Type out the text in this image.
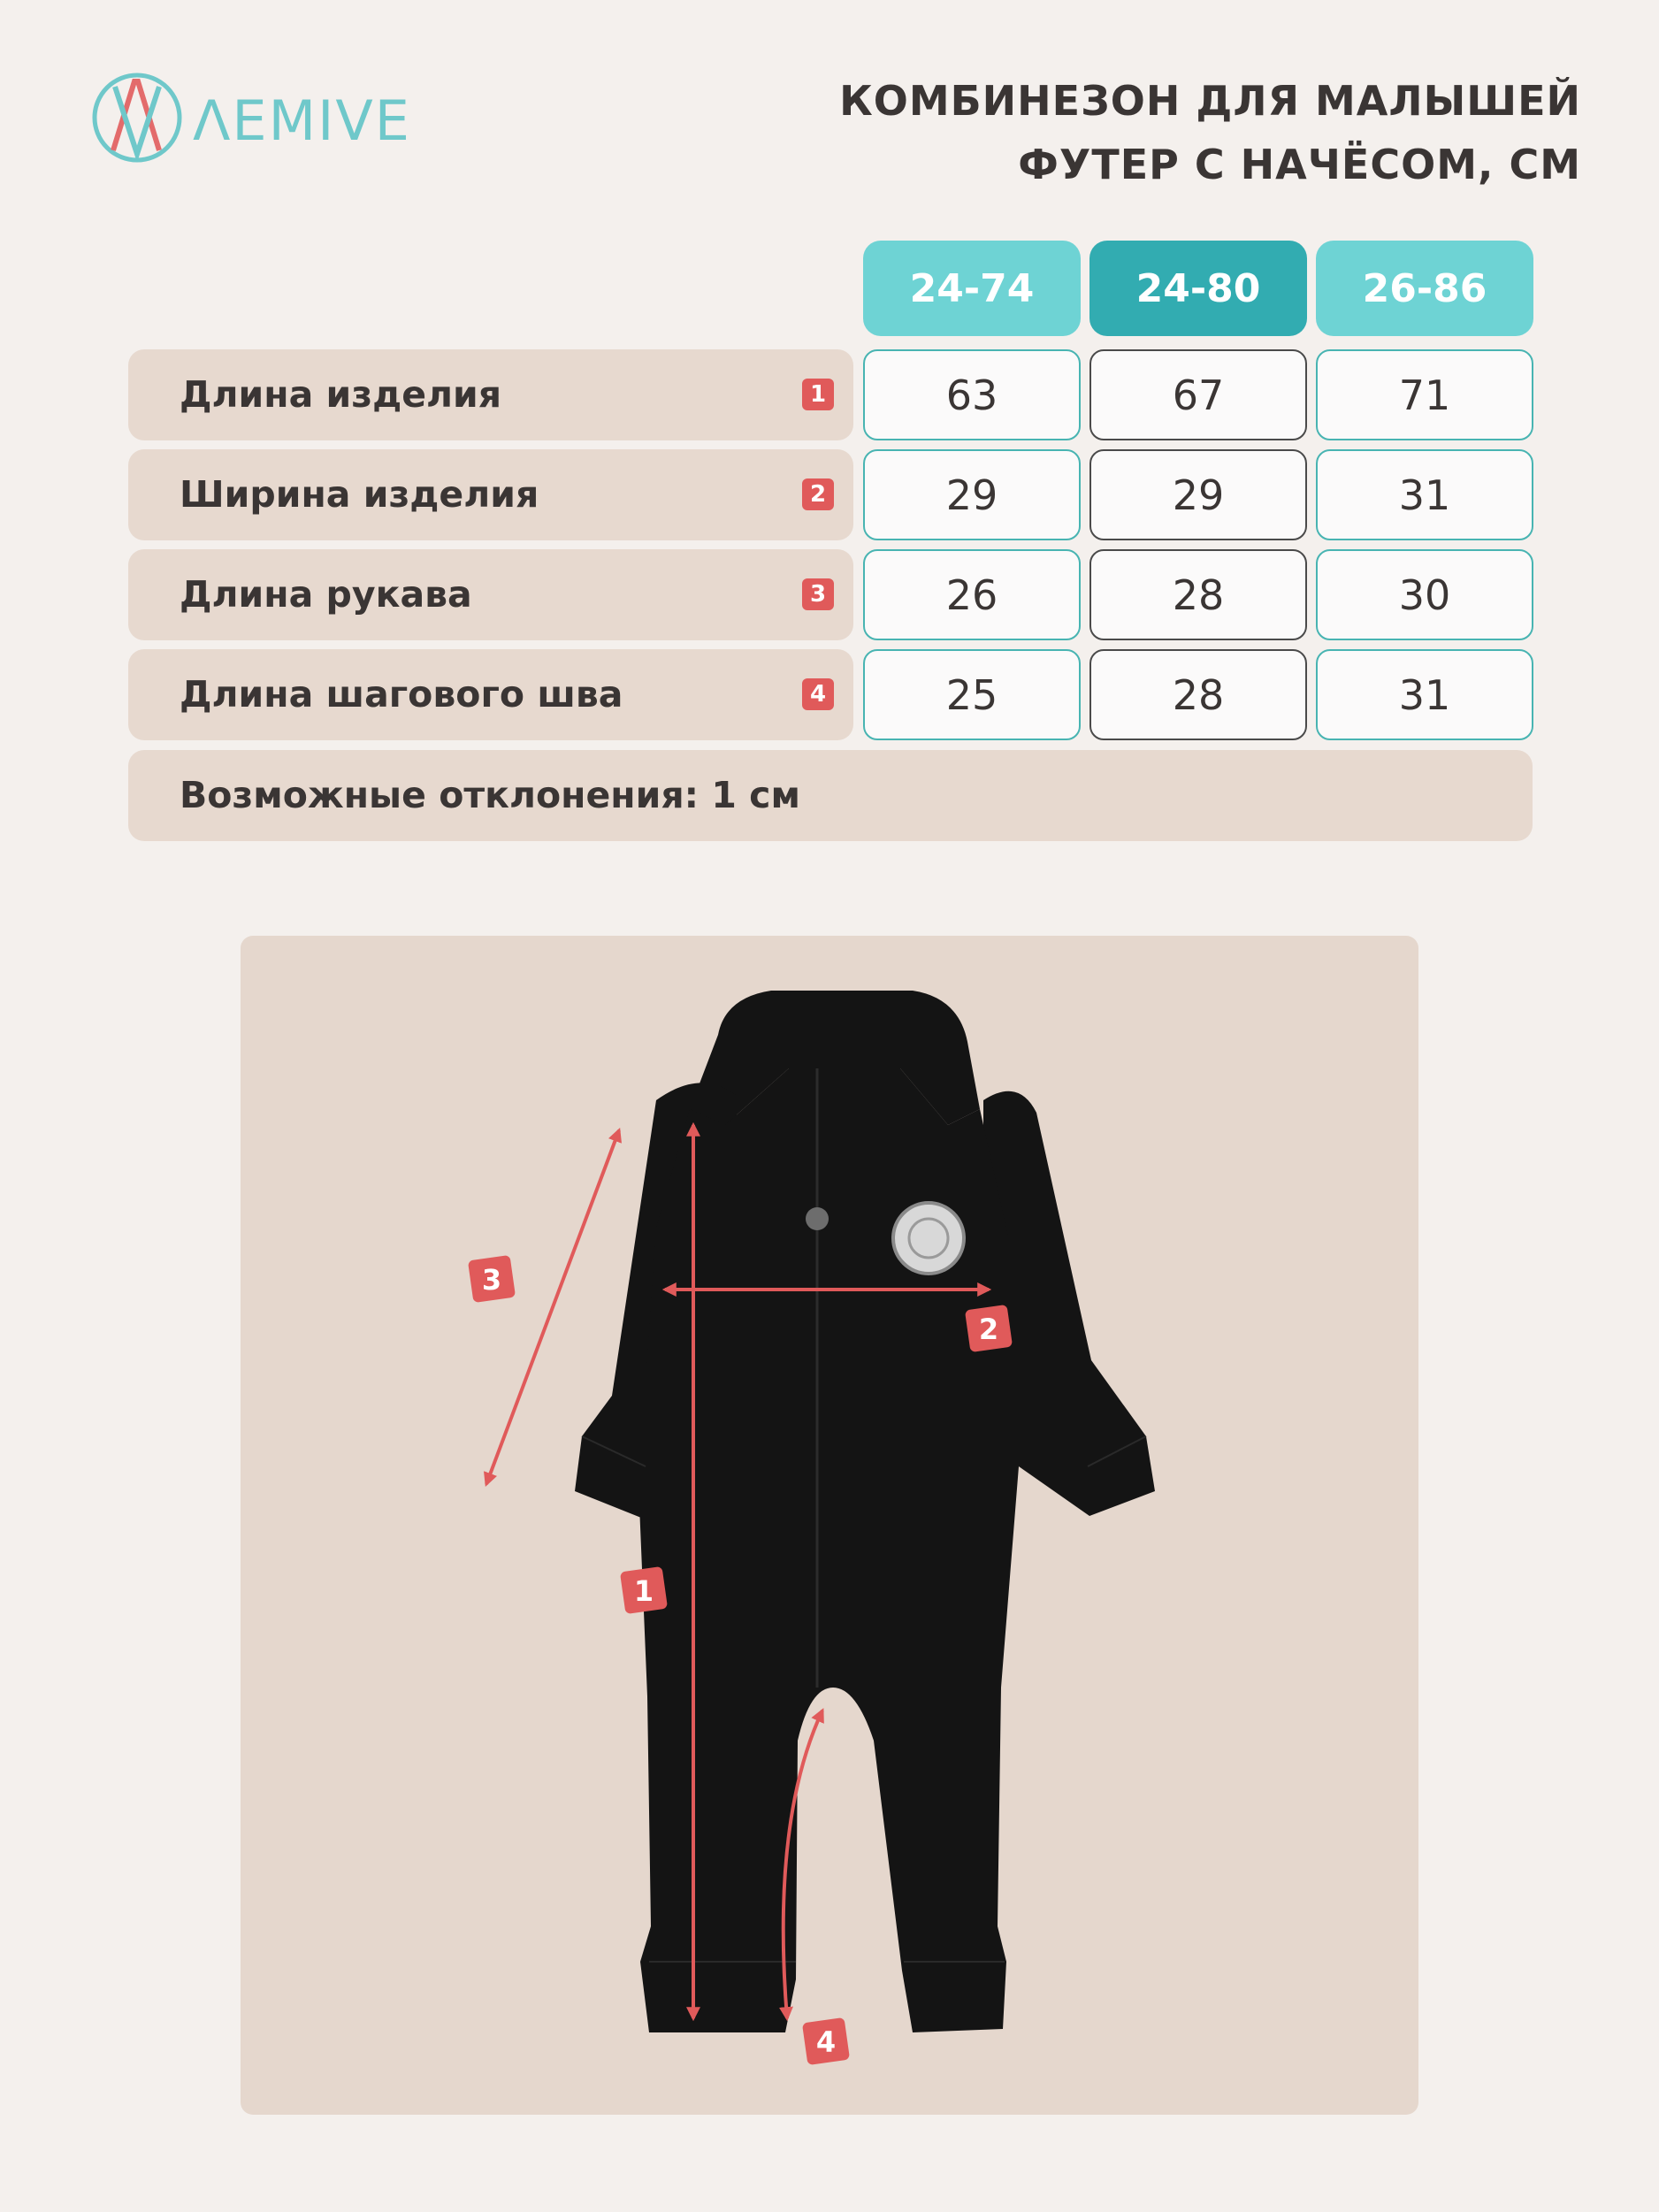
ΛEMIVE	КОМБИНЕЗОН ДЛЯ МАЛЫШЕЙ
ФУТЕР С НАЧЁСОМ, СМ
24-74	24-80	26-86
Длина изделия	1	63	67	71
Ширина изделия	2	29	29	31
Длина рукава	3	26	28	30
Длина шагового шва	4	25	28	31
Возможные отклонения: 1 см
1
2
3
4
